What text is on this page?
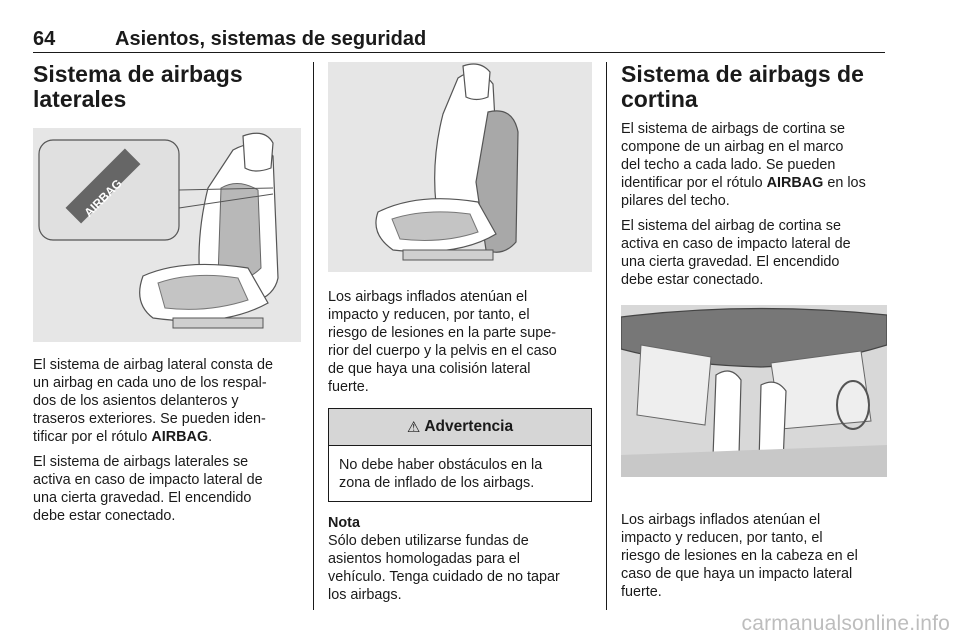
64	Asientos, sistemas de seguridad
Sistema de airbags
laterales
AIRBAG

El sistema de airbag lateral consta de
un airbag en cada uno de los respal-
dos de los asientos delanteros y
traseros exteriores. Se pueden iden-
tificar por el rótulo AIRBAG.

El sistema de airbags laterales se
activa en caso de impacto lateral de
una cierta gravedad. El encendido
debe estar conectado.

Los airbags inflados atenúan el
impacto y reducen, por tanto, el
riesgo de lesiones en la parte supe-
rior del cuerpo y la pelvis en el caso
de que haya una colisión lateral
fuerte.

⚠ Advertencia

No debe haber obstáculos en la
zona de inflado de los airbags.

Nota

Sólo deben utilizarse fundas de
asientos homologadas para el
vehículo. Tenga cuidado de no tapar
los airbags.

Sistema de airbags de
cortina

El sistema de airbags de cortina se
compone de un airbag en el marco
del techo a cada lado. Se pueden
identificar por el rótulo AIRBAG en los
pilares del techo.

El sistema del airbag de cortina se
activa en caso de impacto lateral de
una cierta gravedad. El encendido
debe estar conectado.

Los airbags inflados atenúan el
impacto y reducen, por tanto, el
riesgo de lesiones en la cabeza en el
caso de que haya un impacto lateral
fuerte.

carmanualsonline.info
